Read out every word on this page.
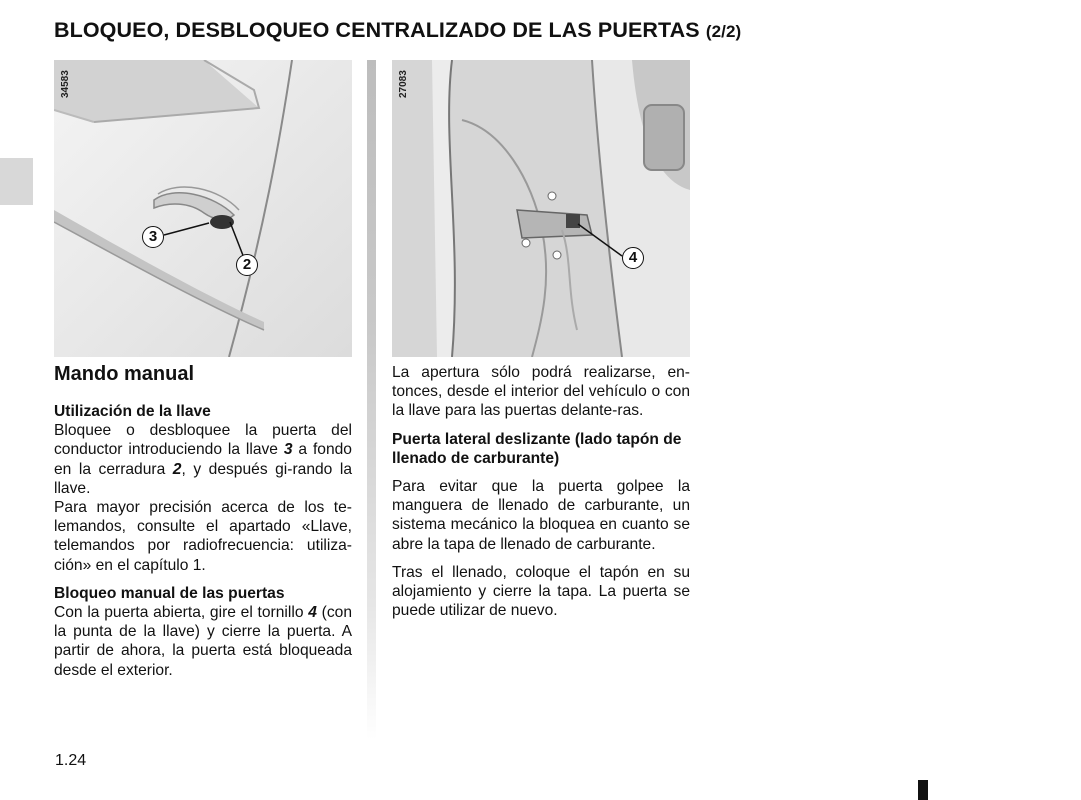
BLOQUEO, DESBLOQUEO CENTRALIZADO DE LAS PUERTAS (2/2)
34583
3
2
27083
4
Mando manual

Utilización de la llave

Bloquee o desbloquee la puerta del conductor introduciendo la llave 3 a fondo en la cerradura 2, y después gi-rando la llave.

Para mayor precisión acerca de los te-lemandos, consulte el apartado «Llave, telemandos por radiofrecuencia: utiliza-ción» en el capítulo 1.

Bloqueo manual de las puertas

Con la puerta abierta, gire el tornillo 4 (con la punta de la llave) y cierre la puerta. A partir de ahora, la puerta está bloqueada desde el exterior.

La apertura sólo podrá realizarse, en-tonces, desde el interior del vehículo o con la llave para las puertas delante-ras.

Puerta lateral deslizante (lado tapón de llenado de carburante)

Para evitar que la puerta golpee la manguera de llenado de carburante, un sistema mecánico la bloquea en cuanto se abre la tapa de llenado de carburante.

Tras el llenado, coloque el tapón en su alojamiento y cierre la tapa. La puerta se puede utilizar de nuevo.

1.24
